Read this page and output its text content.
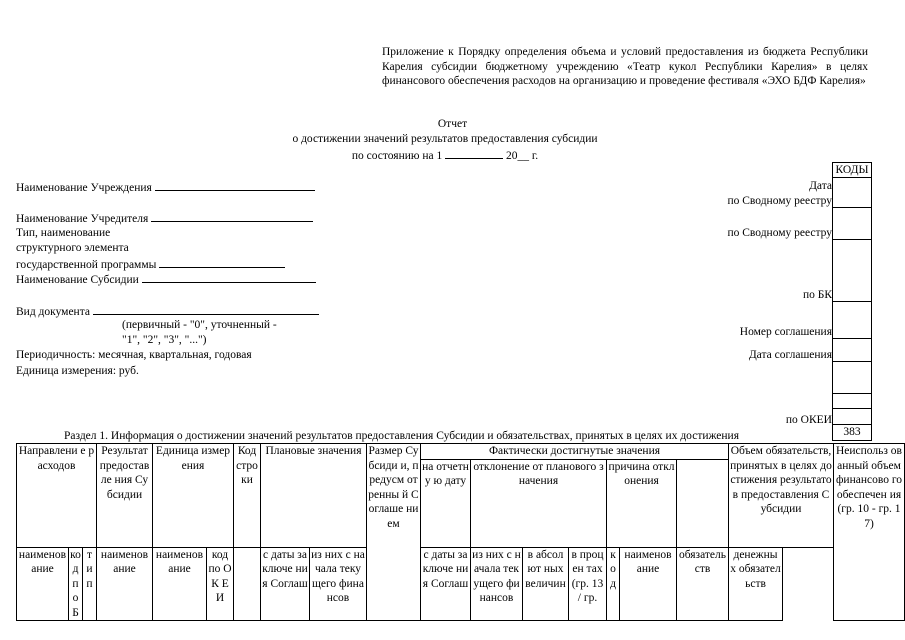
Приложение к Порядку определения объема и условий предоставления из бюджета Республики Карелия субсидии бюджетному учреждению «Театр кукол Республики Карелия» в целях финансового обеспечения расходов на организацию и проведение фестиваля «ЭХО БДФ Карелия»
Отчет
о достижении значений результатов предоставления субсидии
по состоянию на 1	20__ г.
Наименование Учреждения
Наименование Учредителя
Тип, наименование
структурного элемента
государственной программы
Наименование Субсидии
Вид документа
(первичный - "0", уточненный -
"1", "2", "3", "...")
Периодичность: месячная, квартальная, годовая
Единица измерения: руб.
Дата
по Сводному реестру
по Сводному реестру
по БК
Номер соглашения
Дата соглашения
по ОКЕИ
КОДЫ

383
Раздел 1. Информация о достижении значений результатов предоставления Субсидии и обязательствах, принятых в целях их достижения
Направлени е расходов			Результат предоставле ния Субсидии	Единица измерения		Код стро ки	Плановые значения		Размер Субсиди и, предусм отренны й Соглаше нием	Фактически достигнутые значения							Объем обязательств, принятых в целях достижения результатов предоставления Субсидии	Неиспольз ованный объем финансово го обеспечен ия (гр. 10 - гр. 17)
										на отчетну ю дату	отклонение от планового значения			причина отклонения				
наименов ание	ко д по Б	ти п	наименов ание	наименов ание	код по ОК ЕИ		с даты заключе ния Соглаш	из них с начала текущего финансов		с даты заключе ния Соглаш	из них с начала текущего финансов	в абсолют ных величин	в процен тах (гр. 13 / гр.	ко д	наименов ание	обязатель ств	денежны х обязател ьств	
